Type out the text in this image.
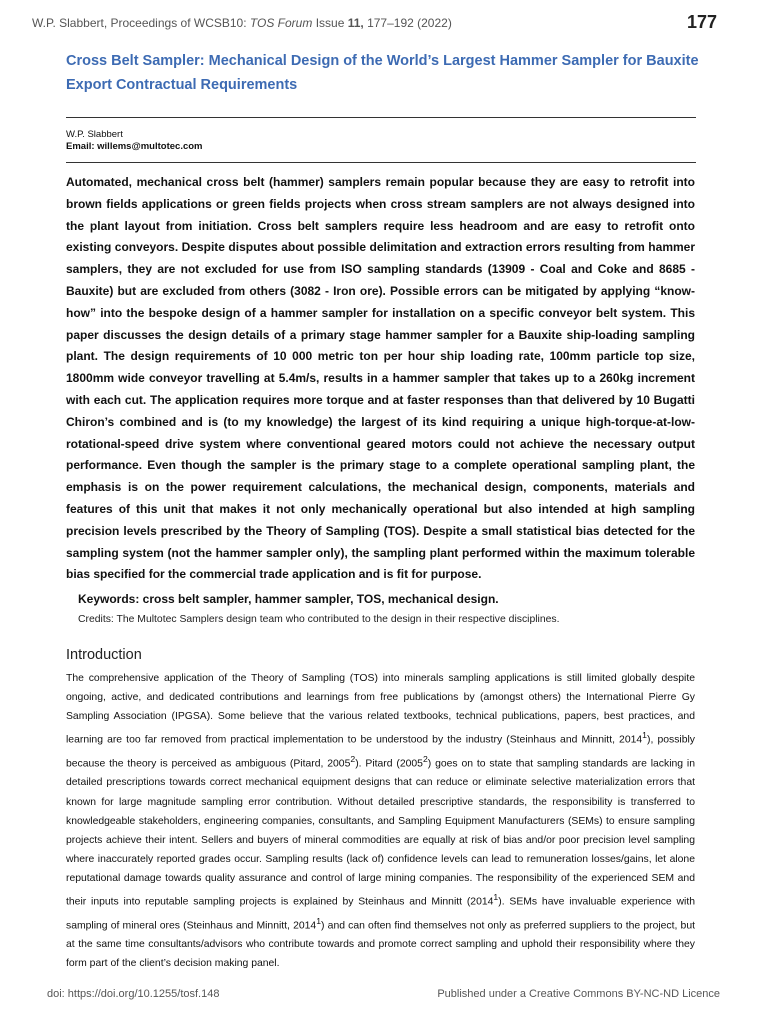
W.P. Slabbert, Proceedings of WCSB10: TOS Forum Issue 11, 177–192 (2022)	177
Cross Belt Sampler: Mechanical Design of the World’s Largest Hammer Sampler for Bauxite Export Contractual Requirements
W.P. Slabbert
Email: willems@multotec.com
Automated, mechanical cross belt (hammer) samplers remain popular because they are easy to retrofit into brown fields applications or green fields projects when cross stream samplers are not always designed into the plant layout from initiation. Cross belt samplers require less headroom and are easy to retrofit onto existing conveyors. Despite disputes about possible delimitation and extraction errors resulting from hammer samplers, they are not excluded for use from ISO sampling standards (13909 - Coal and Coke and 8685 - Bauxite) but are excluded from others (3082 - Iron ore). Possible errors can be mitigated by applying “know-how” into the bespoke design of a hammer sampler for installation on a specific conveyor belt system. This paper discusses the design details of a primary stage hammer sampler for a Bauxite ship-loading sampling plant. The design requirements of 10 000 metric ton per hour ship loading rate, 100mm particle top size, 1800mm wide conveyor travelling at 5.4m/s, results in a hammer sampler that takes up to a 260kg increment with each cut. The application requires more torque and at faster responses than that delivered by 10 Bugatti Chiron’s combined and is (to my knowledge) the largest of its kind requiring a unique high-torque-at-low-rotational-speed drive system where conventional geared motors could not achieve the necessary output performance. Even though the sampler is the primary stage to a complete operational sampling plant, the emphasis is on the power requirement calculations, the mechanical design, components, materials and features of this unit that makes it not only mechanically operational but also intended at high sampling precision levels prescribed by the Theory of Sampling (TOS). Despite a small statistical bias detected for the sampling system (not the hammer sampler only), the sampling plant performed within the maximum tolerable bias specified for the commercial trade application and is fit for purpose.
Keywords: cross belt sampler, hammer sampler, TOS, mechanical design.
Credits: The Multotec Samplers design team who contributed to the design in their respective disciplines.
Introduction
The comprehensive application of the Theory of Sampling (TOS) into minerals sampling applications is still limited globally despite ongoing, active, and dedicated contributions and learnings from free publications by (amongst others) the International Pierre Gy Sampling Association (IPGSA). Some believe that the various related textbooks, technical publications, papers, best practices, and learning are too far removed from practical implementation to be understood by the industry (Steinhaus and Minnitt, 2014$^1$), possibly because the theory is perceived as ambiguous (Pitard, 2005$^2$). Pitard (2005$^2$) goes on to state that sampling standards are lacking in detailed prescriptions towards correct mechanical equipment designs that can reduce or eliminate selective materialization errors that known for large magnitude sampling error contribution. Without detailed prescriptive standards, the responsibility is transferred to knowledgeable stakeholders, engineering companies, consultants, and Sampling Equipment Manufacturers (SEMs) to ensure sampling projects achieve their intent. Sellers and buyers of mineral commodities are equally at risk of bias and/or poor precision level sampling where inaccurately reported grades occur. Sampling results (lack of) confidence levels can lead to remuneration losses/gains, let alone reputational damage towards quality assurance and control of large mining companies. The responsibility of the experienced SEM and their inputs into reputable sampling projects is explained by Steinhaus and Minnitt (2014$^1$). SEMs have invaluable experience with sampling of mineral ores (Steinhaus and Minnitt, 2014$^1$) and can often find themselves not only as preferred suppliers to the project, but at the same time consultants/advisors who contribute towards and promote correct sampling and uphold their responsibility where they form part of the client’s decision making panel.
doi: https://doi.org/10.1255/tosf.148	Published under a Creative Commons BY-NC-ND Licence
